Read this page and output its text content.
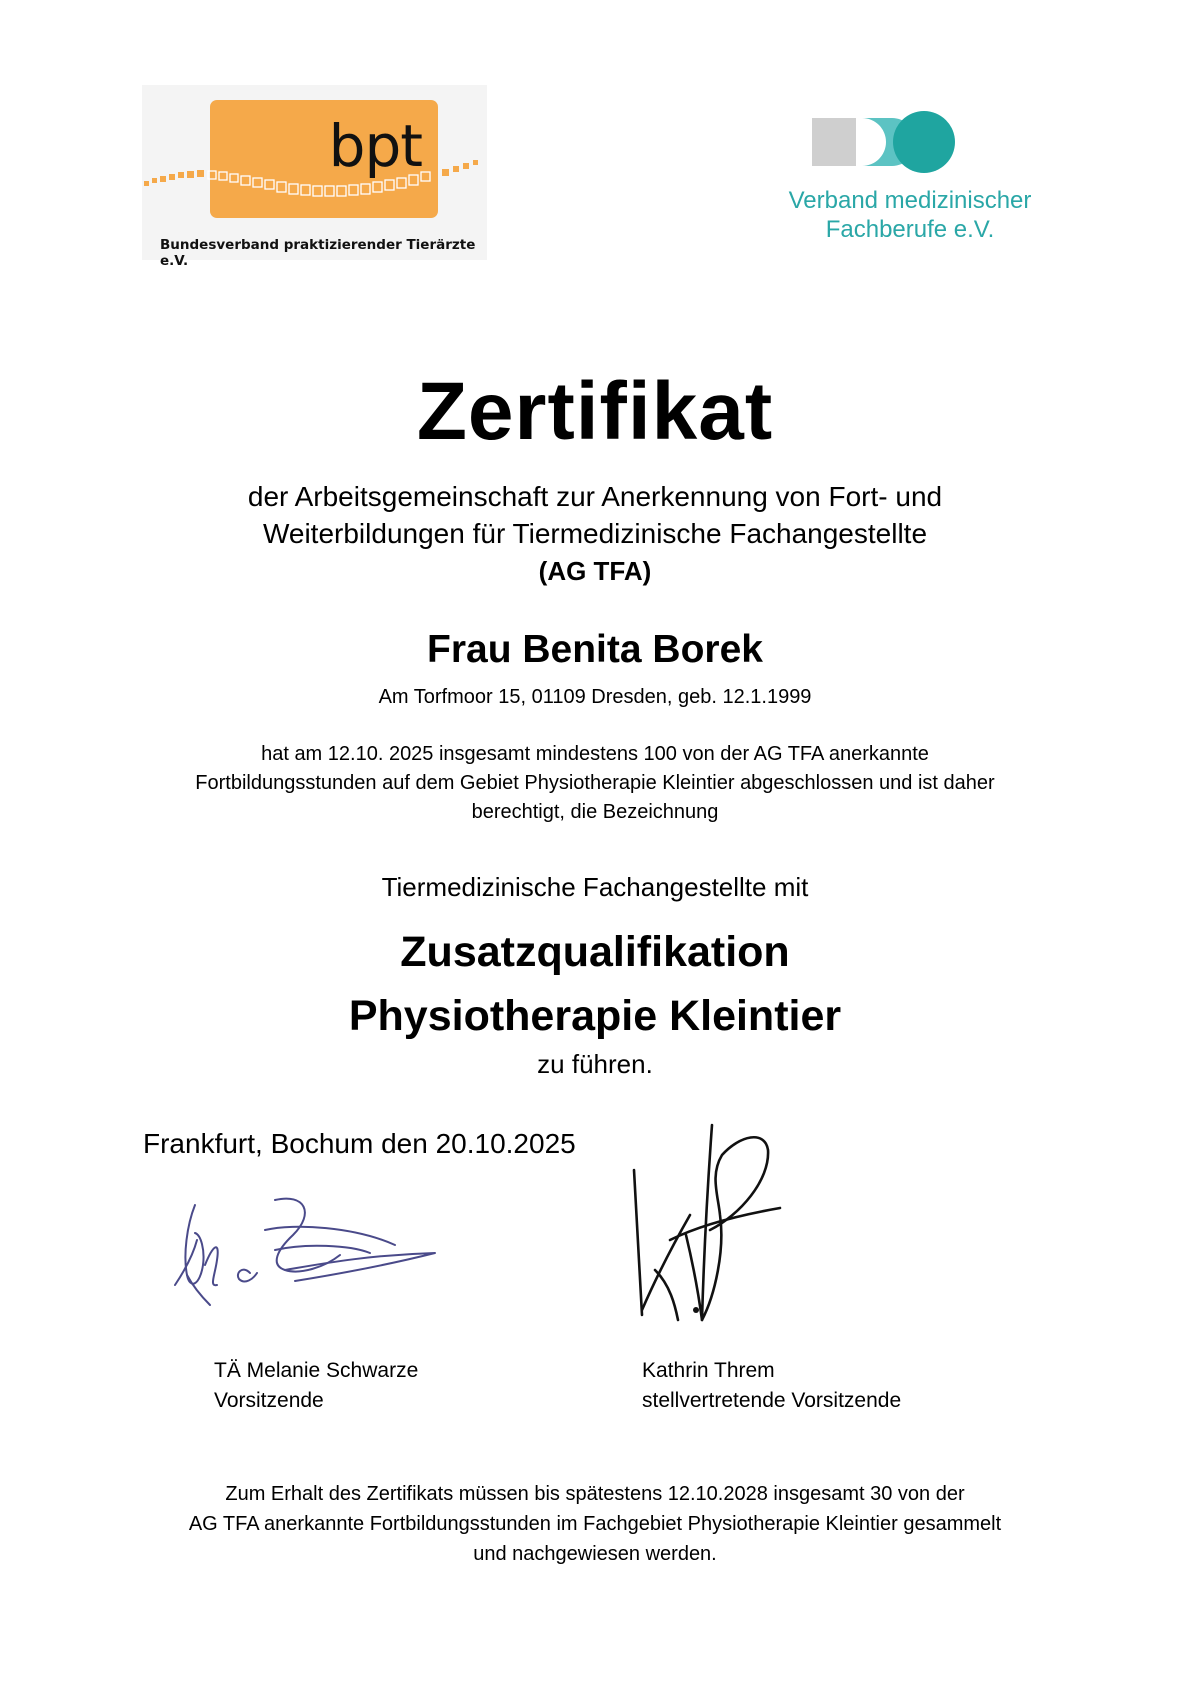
bpt
Bundesverband praktizierender Tierärzte e.V.
Verband medizinischer
Fachberufe e.V.
Zertifikat
der Arbeitsgemeinschaft zur Anerkennung von Fort- und
Weiterbildungen für Tiermedizinische Fachangestellte
(AG TFA)
Frau Benita Borek
Am Torfmoor 15, 01109 Dresden, geb. 12.1.1999
hat am 12.10. 2025 insgesamt mindestens 100 von der AG TFA anerkannte
Fortbildungsstunden auf dem Gebiet Physiotherapie Kleintier abgeschlossen und ist daher
berechtigt, die Bezeichnung
Tiermedizinische Fachangestellte mit
Zusatzqualifikation
Physiotherapie Kleintier
zu führen.
Frankfurt, Bochum den 20.10.2025
TÄ Melanie Schwarze
Vorsitzende
Kathrin Threm
stellvertretende Vorsitzende
Zum Erhalt des Zertifikats müssen bis spätestens 12.10.2028 insgesamt 30 von der
AG TFA anerkannte Fortbildungsstunden im Fachgebiet Physiotherapie Kleintier gesammelt
und nachgewiesen werden.
